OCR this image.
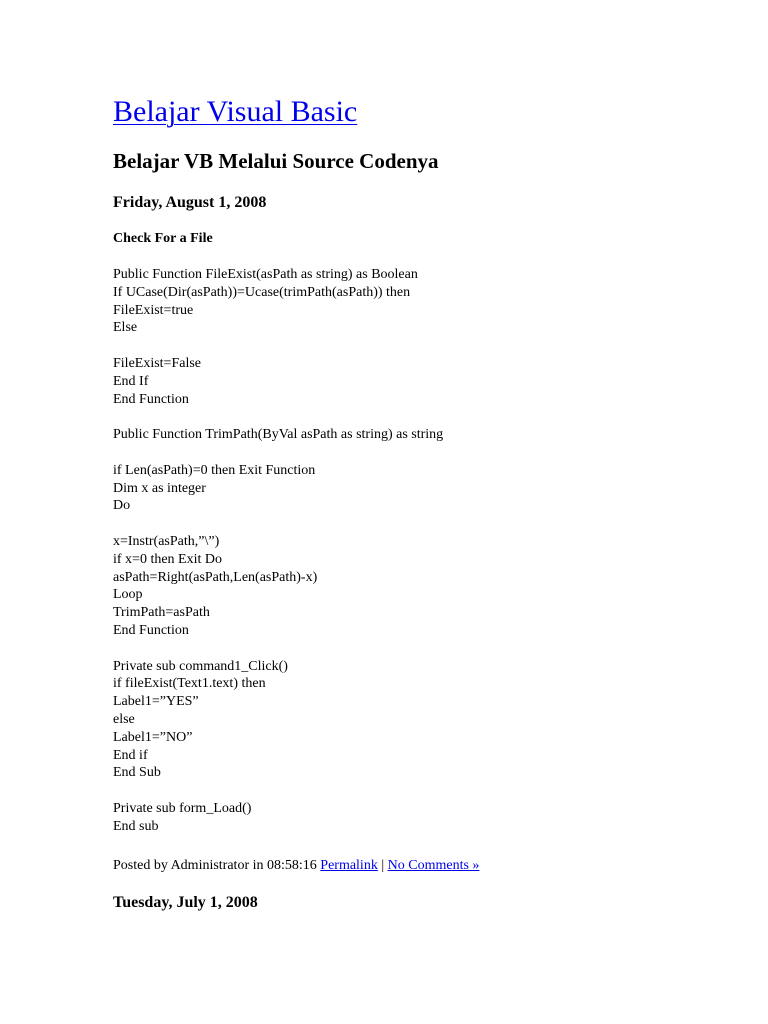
Belajar Visual Basic
Belajar VB Melalui Source Codenya
Friday, August 1, 2008
Check For a File
Public Function FileExist(asPath as string) as Boolean
If UCase(Dir(asPath))=Ucase(trimPath(asPath)) then
FileExist=true
Else
FileExist=False
End If
End Function
Public Function TrimPath(ByVal asPath as string) as string
if Len(asPath)=0 then Exit Function
Dim x as integer
Do
x=Instr(asPath,”\”)
if x=0 then Exit Do
asPath=Right(asPath,Len(asPath)-x)
Loop
TrimPath=asPath
End Function
Private sub command1_Click()
if fileExist(Text1.text) then
Label1=”YES”
else
Label1=”NO”
End if
End Sub
Private sub form_Load()
End sub

Posted by Administrator in 08:58:16 Permalink | No Comments »

Tuesday, July 1, 2008
